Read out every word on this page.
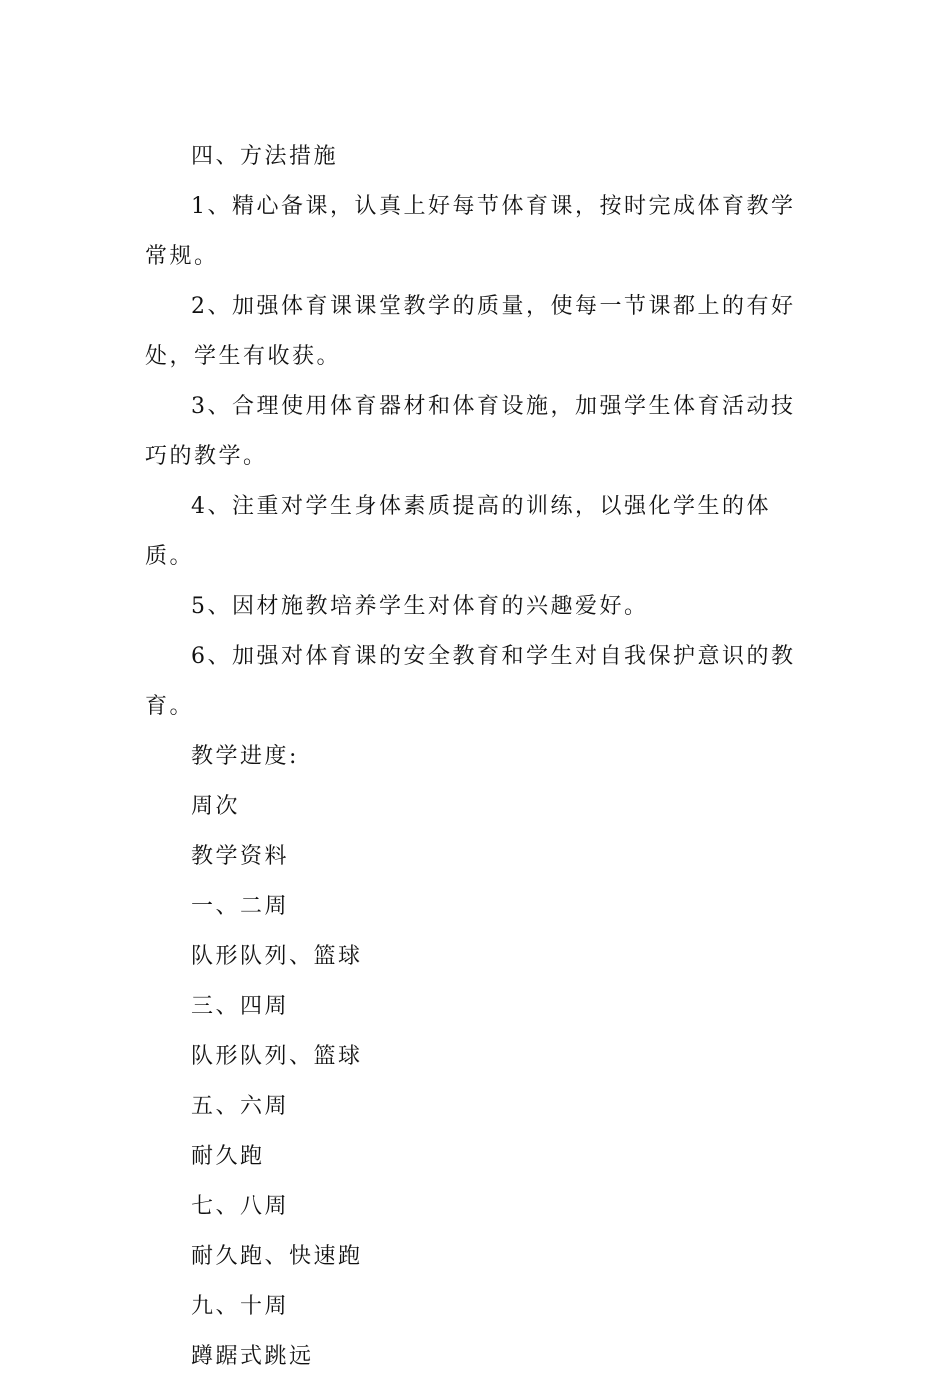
四、方法措施

1、精心备课，认真上好每节体育课，按时完成体育教学常规。

2、加强体育课课堂教学的质量，使每一节课都上的有好处，学生有收获。

3、合理使用体育器材和体育设施，加强学生体育活动技巧的教学。

4、注重对学生身体素质提高的训练，以强化学生的体质。

5、因材施教培养学生对体育的兴趣爱好。

6、加强对体育课的安全教育和学生对自我保护意识的教育。

教学进度:

周次

教学资料

一、二周

队形队列、篮球

三、四周

队形队列、篮球

五、六周

耐久跑

七、八周

耐久跑、快速跑

九、十周

蹲踞式跳远
